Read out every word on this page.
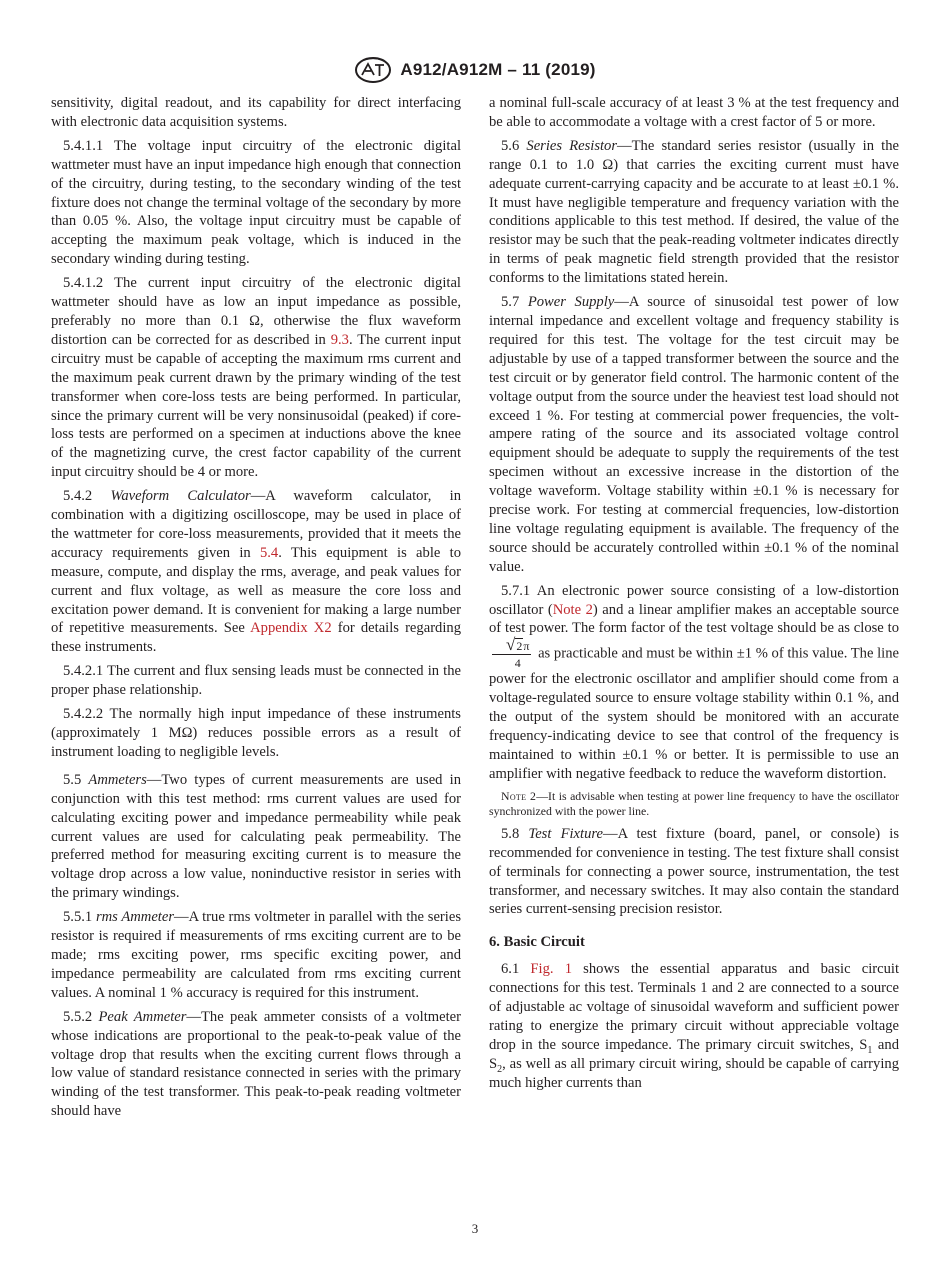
A912/A912M – 11 (2019)

sensitivity, digital readout, and its capability for direct interfacing with electronic data acquisition systems.

5.4.1.1 The voltage input circuitry of the electronic digital wattmeter must have an input impedance high enough that connection of the circuitry, during testing, to the secondary winding of the test fixture does not change the terminal voltage of the secondary by more than 0.05 %. Also, the voltage input circuitry must be capable of accepting the maximum peak voltage, which is induced in the secondary winding during testing.

5.4.1.2 The current input circuitry of the electronic digital wattmeter should have as low an input impedance as possible, preferably no more than 0.1 Ω, otherwise the flux waveform distortion can be corrected for as described in 9.3. The current input circuitry must be capable of accepting the maximum rms current and the maximum peak current drawn by the primary winding of the test transformer when core-loss tests are being performed. In particular, since the primary current will be very nonsinusoidal (peaked) if core-loss tests are performed on a specimen at inductions above the knee of the magnetizing curve, the crest factor capability of the current input circuitry should be 4 or more.

5.4.2 Waveform Calculator—A waveform calculator, in combination with a digitizing oscilloscope, may be used in place of the wattmeter for core-loss measurements, provided that it meets the accuracy requirements given in 5.4. This equipment is able to measure, compute, and display the rms, average, and peak values for current and flux voltage, as well as measure the core loss and excitation power demand. It is convenient for making a large number of repetitive measurements. See Appendix X2 for details regarding these instruments.

5.4.2.1 The current and flux sensing leads must be connected in the proper phase relationship.

5.4.2.2 The normally high input impedance of these instruments (approximately 1 MΩ) reduces possible errors as a result of instrument loading to negligible levels.

5.5 Ammeters—Two types of current measurements are used in conjunction with this test method: rms current values are used for calculating exciting power and impedance permeability while peak current values are used for calculating peak permeability. The preferred method for measuring exciting current is to measure the voltage drop across a low value, noninductive resistor in series with the primary windings.

5.5.1 rms Ammeter—A true rms voltmeter in parallel with the series resistor is required if measurements of rms exciting current are to be made; rms exciting power, rms specific exciting power, and impedance permeability are calculated from rms exciting current values. A nominal 1 % accuracy is required for this instrument.

5.5.2 Peak Ammeter—The peak ammeter consists of a voltmeter whose indications are proportional to the peak-to-peak value of the voltage drop that results when the exciting current flows through a low value of standard resistance connected in series with the primary winding of the test transformer. This peak-to-peak reading voltmeter should have

a nominal full-scale accuracy of at least 3 % at the test frequency and be able to accommodate a voltage with a crest factor of 5 or more.

5.6 Series Resistor—The standard series resistor (usually in the range 0.1 to 1.0 Ω) that carries the exciting current must have adequate current-carrying capacity and be accurate to at least ±0.1 %. It must have negligible temperature and frequency variation with the conditions applicable to this test method. If desired, the value of the resistor may be such that the peak-reading voltmeter indicates directly in terms of peak magnetic field strength provided that the resistor conforms to the limitations stated herein.

5.7 Power Supply—A source of sinusoidal test power of low internal impedance and excellent voltage and frequency stability is required for this test. The voltage for the test circuit may be adjustable by use of a tapped transformer between the source and the test circuit or by generator field control. The harmonic content of the voltage output from the source under the heaviest test load should not exceed 1 %. For testing at commercial power frequencies, the volt-ampere rating of the source and its associated voltage control equipment should be adequate to supply the requirements of the test specimen without an excessive increase in the distortion of the voltage waveform. Voltage stability within ±0.1 % is necessary for precise work. For testing at commercial frequencies, low-distortion line voltage regulating equipment is available. The frequency of the source should be accurately controlled within ±0.1 % of the nominal value.

5.7.1 An electronic power source consisting of a low-distortion oscillator (Note 2) and a linear amplifier makes an acceptable source of test power. The form factor of the test voltage should be as close to
$\frac{√2\pi}{4}$ as practicable and must be within ±1 % of this value. The line power for the electronic oscillator and amplifier should come from a voltage-regulated source to ensure voltage stability within 0.1 %, and the output of the system should be monitored with an accurate frequency-indicating device to see that control of the frequency is maintained to within ±0.1 % or better. It is permissible to use an amplifier with negative feedback to reduce the waveform distortion.

Note 2—It is advisable when testing at power line frequency to have the oscillator synchronized with the power line.

5.8 Test Fixture—A test fixture (board, panel, or console) is recommended for convenience in testing. The test fixture shall consist of terminals for connecting a power source, instrumentation, the test transformer, and necessary switches. It may also contain the standard series current-sensing precision resistor.

6. Basic Circuit

6.1 Fig. 1 shows the essential apparatus and basic circuit connections for this test. Terminals 1 and 2 are connected to a source of adjustable ac voltage of sinusoidal waveform and sufficient power rating to energize the primary circuit without appreciable voltage drop in the source impedance. The primary circuit switches, $S_1$ and $S_2$, as well as all primary circuit wiring, should be capable of carrying much higher currents than

3
